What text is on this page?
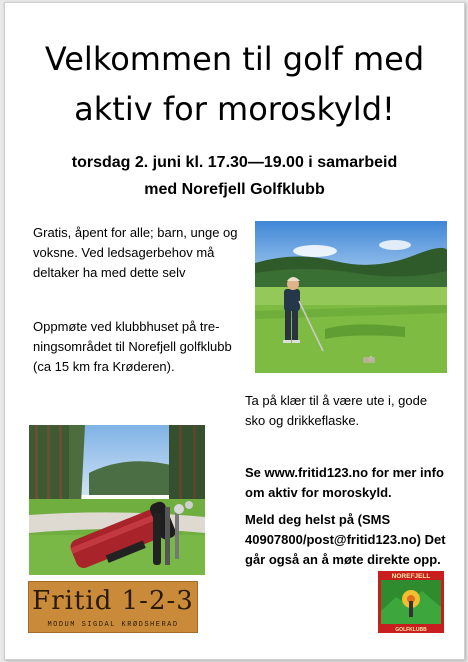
Velkommen til golf med
aktiv for moroskyld!
torsdag 2. juni kl. 17.30—19.00 i samarbeid
med Norefjell Golfklubb
Gratis, åpent for alle; barn, unge og voksne. Ved ledsagerbehov må deltaker ha med dette selv
Oppmøte ved klubbhuset på tre-ningsområdet til Norefjell golfklubb (ca 15 km fra Krøderen).
Ta på klær til å være ute i, gode sko og drikkeflaske.
Se www.fritid123.no for mer info om aktiv for moroskyld.
Meld deg helst på (SMS 40907800/post@fritid123.no) Det går også an å møte direkte opp.
Fritid 1-2-3
MODUM SIGDAL KRØDSHERAD
NOREFJELL
GOLFKLUBB
